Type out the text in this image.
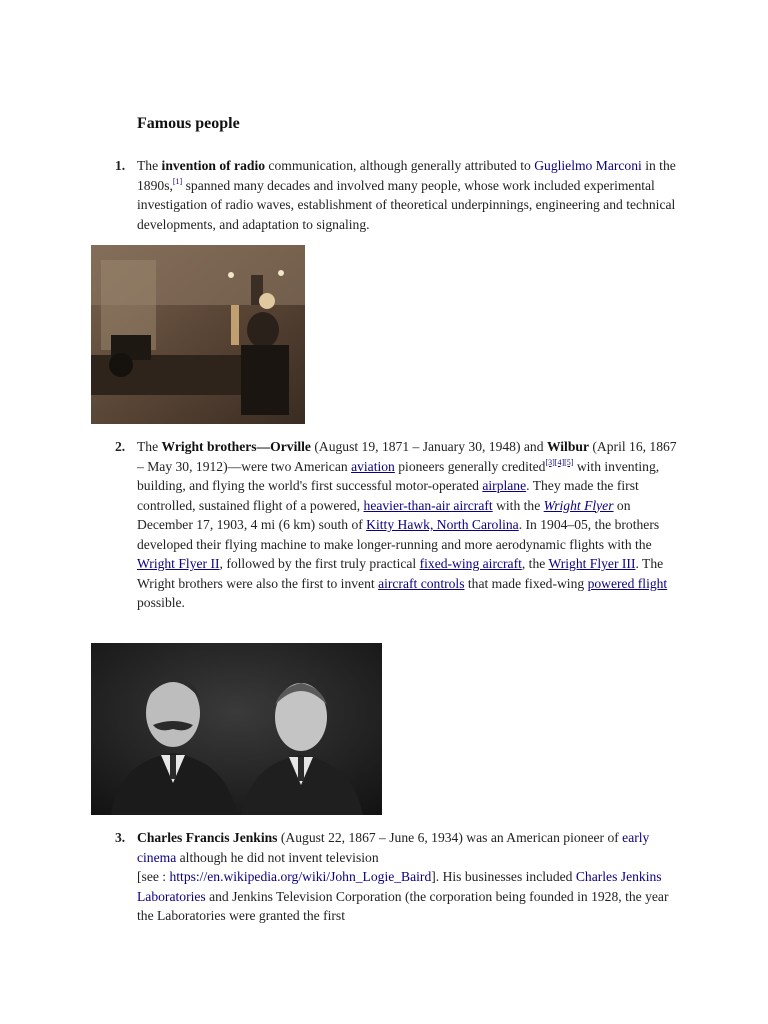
Famous people
1. The invention of radio communication, although generally attributed to Guglielmo Marconi in the 1890s,[1] spanned many decades and involved many people, whose work included experimental investigation of radio waves, establishment of theoretical underpinnings, engineering and technical developments, and adaptation to signaling.
2. The Wright brothers—Orville (August 19, 1871 – January 30, 1948) and Wilbur (April 16, 1867 – May 30, 1912)—were two American aviation pioneers generally credited[3][4][5] with inventing, building, and flying the world's first successful motor-operated airplane. They made the first controlled, sustained flight of a powered, heavier-than-air aircraft with the Wright Flyer on December 17, 1903, 4 mi (6 km) south of Kitty Hawk, North Carolina. In 1904–05, the brothers developed their flying machine to make longer-running and more aerodynamic flights with the Wright Flyer II, followed by the first truly practical fixed-wing aircraft, the Wright Flyer III. The Wright brothers were also the first to invent aircraft controls that made fixed-wing powered flight possible.
3. Charles Francis Jenkins (August 22, 1867 – June 6, 1934) was an American pioneer of early cinema although he did not invent television
[see : https://en.wikipedia.org/wiki/John_Logie_Baird]. His businesses included Charles Jenkins Laboratories and Jenkins Television Corporation (the corporation being founded in 1928, the year the Laboratories were granted the first
